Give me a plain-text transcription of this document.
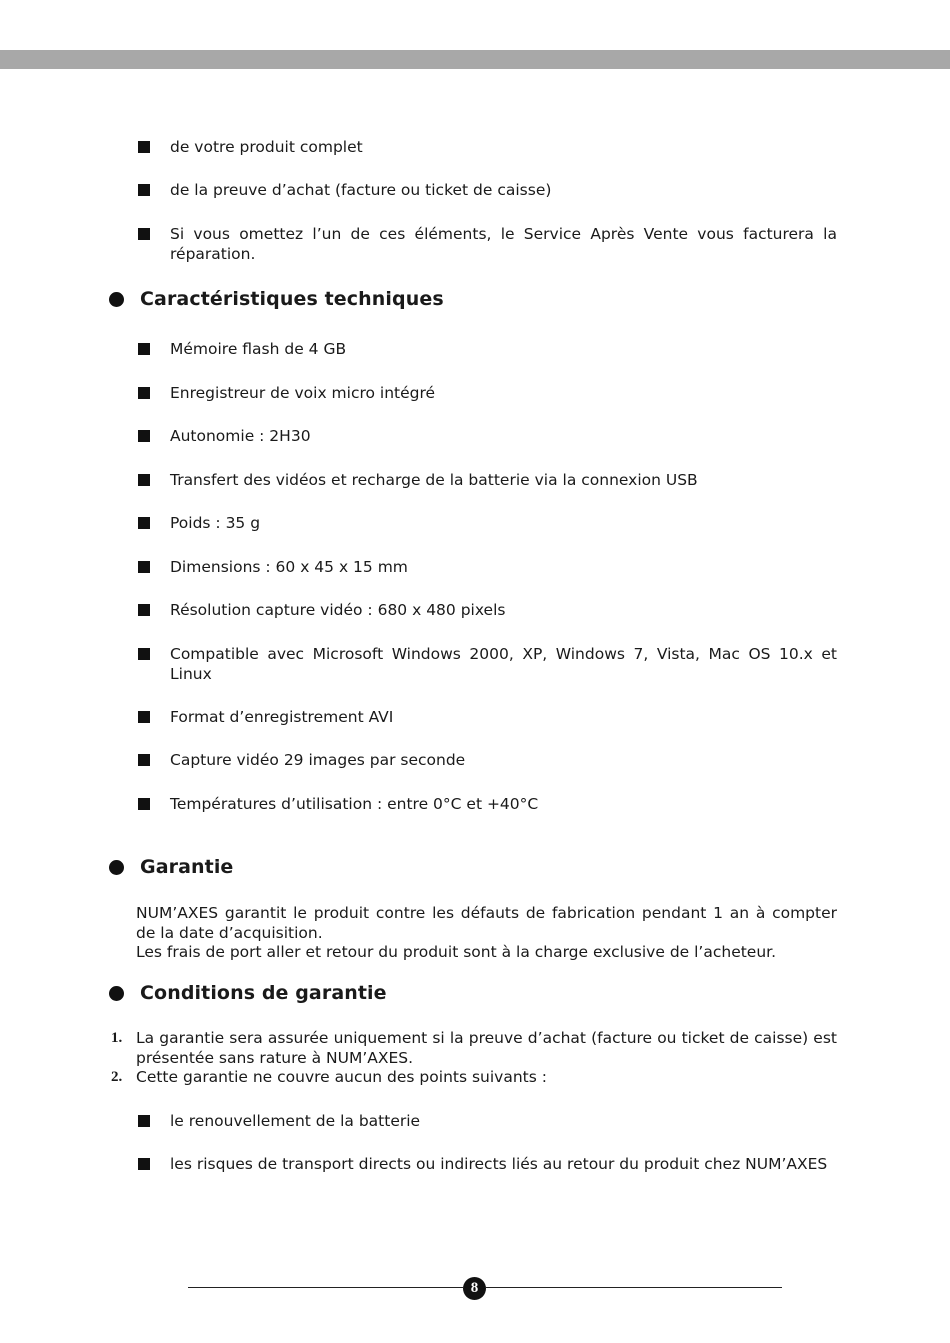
de votre produit complet
de la preuve d’achat (facture ou ticket de caisse)
Si vous omettez l’un de ces éléments, le Service Après Vente vous facturera la réparation.
Caractéristiques techniques
Mémoire flash de 4 GB
Enregistreur de voix micro intégré
Autonomie : 2H30
Transfert des vidéos et recharge de la batterie via la connexion USB
Poids : 35 g
Dimensions : 60 x 45 x 15 mm
Résolution capture vidéo : 680 x 480 pixels
Compatible avec Microsoft Windows 2000, XP, Windows 7, Vista, Mac OS 10.x et Linux
Format d’enregistrement AVI
Capture vidéo 29 images par seconde
Températures d’utilisation : entre 0°C et +40°C
Garantie

NUM’AXES garantit le produit contre les défauts de fabrication pendant 1 an à compter de la date d’acquisition.

Les frais de port aller et retour du produit sont à la charge exclusive de l’acheteur.

Conditions de garantie
1. La garantie sera assurée uniquement si la preuve d’achat (facture ou ticket de caisse) est présentée sans rature à NUM’AXES.
2. Cette garantie ne couvre aucun des points suivants :
le renouvellement de la batterie
les risques de transport directs ou indirects liés au retour du produit chez NUM’AXES
8
